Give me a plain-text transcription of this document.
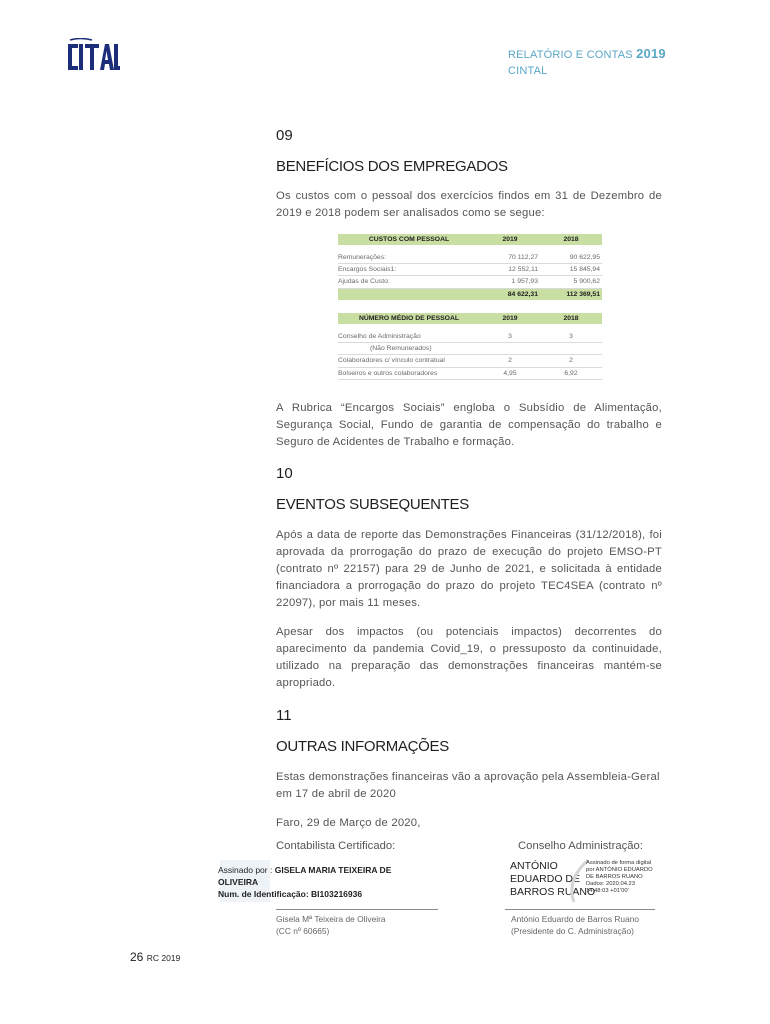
RELATÓRIO E CONTAS 2019
CINTAL
09
BENEFÍCIOS DOS EMPREGADOS
Os custos com o pessoal dos exercícios findos em 31 de Dezembro de 2019 e 2018 podem ser analisados como se segue:
CUSTOS COM PESSOAL	2019	2018

Remunerações:	70 112,27	90 622,95
Encargos Sociais1:	12 552,11	15 845,94
Ajudas de Custo:	1 957,93	5 900,62
	84 622,31	112 369,51
NÚMERO MÉDIO DE PESSOAL	2019	2018

Conselho de Administração	3	3
(Não Remunerados)		
Colaboradores c/ vínculo contratual	2	2
Bolseiros e outros colaboradores	4,95	6,92
A Rubrica “Encargos Sociais” engloba o Subsídio de Alimentação, Segurança Social, Fundo de garantia de compensação do trabalho e Seguro de Acidentes de Trabalho e formação.
10
EVENTOS SUBSEQUENTES
Após a data de reporte das Demonstrações Financeiras (31/12/2018), foi aprovada da prorrogação do prazo de execução do projeto EMSO-PT (contrato nº 22157) para 29 de Junho de 2021, e solicitada à entidade financiadora a prorrogação do prazo do projeto TEC4SEA (contrato nº 22097), por mais 11 meses.
Apesar dos impactos (ou potenciais impactos) decorrentes do aparecimento da pandemia Covid_19, o pressuposto da continuidade, utilizado na preparação das demonstrações financeiras mantém-se apropriado.
11
OUTRAS INFORMAÇÕES
Estas demonstrações financeiras vão a aprovação pela Assembleia-Geral em 17 de abril de 2020
Faro, 29 de Março de 2020,
Contabilista Certificado:	Conselho Administração:
Assinado por : GISELA MARIA TEIXEIRA DE OLIVEIRA
Num. de Identificação: BI103216936
ANTÓNIO
EDUARDO DE
BARROS RUANO
Assinado de forma digital
por ANTÓNIO EDUARDO
DE BARROS RUANO
Dados: 2020.04.23
14:48:03 +01'00'
Gisela Mª Teixeira de Oliveira
(CC nº 60665)
António Eduardo de Barros Ruano
(Presidente do C. Administração)
26 RC 2019
